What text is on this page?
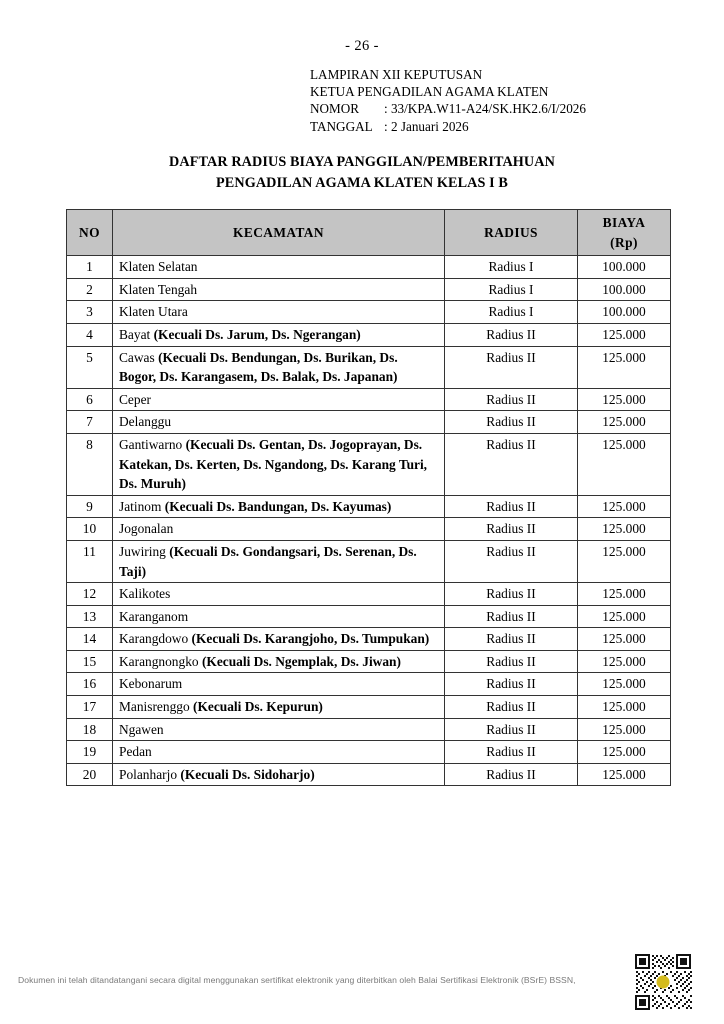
- 26 -
LAMPIRAN XII KEPUTUSAN
KETUA PENGADILAN AGAMA KLATEN
NOMOR : 33/KPA.W11-A24/SK.HK2.6/I/2026
TANGGAL : 2 Januari 2026
DAFTAR RADIUS BIAYA PANGGILAN/PEMBERITAHUAN
PENGADILAN AGAMA KLATEN KELAS I B
NO	KECAMATAN	RADIUS	BIAYA
(Rp)

1	Klaten Selatan	Radius I	100.000
2	Klaten Tengah	Radius I	100.000
3	Klaten Utara	Radius I	100.000
4	Bayat (Kecuali Ds. Jarum, Ds. Ngerangan)	Radius II	125.000
5	Cawas (Kecuali Ds. Bendungan, Ds. Burikan, Ds. Bogor, Ds. Karangasem, Ds. Balak, Ds. Japanan)	Radius II	125.000
6	Ceper	Radius II	125.000
7	Delanggu	Radius II	125.000
8	Gantiwarno (Kecuali Ds. Gentan, Ds. Jogoprayan, Ds. Katekan, Ds. Kerten, Ds. Ngandong, Ds. Karang Turi, Ds. Muruh)	Radius II	125.000
9	Jatinom (Kecuali Ds. Bandungan, Ds. Kayumas)	Radius II	125.000
10	Jogonalan	Radius II	125.000
11	Juwiring (Kecuali Ds. Gondangsari, Ds. Serenan, Ds. Taji)	Radius II	125.000
12	Kalikotes	Radius II	125.000
13	Karanganom	Radius II	125.000
14	Karangdowo (Kecuali Ds. Karangjoho, Ds. Tumpukan)	Radius II	125.000
15	Karangnongko (Kecuali Ds. Ngemplak, Ds. Jiwan)	Radius II	125.000
16	Kebonarum	Radius II	125.000
17	Manisrenggo (Kecuali Ds. Kepurun)	Radius II	125.000
18	Ngawen	Radius II	125.000
19	Pedan	Radius II	125.000
20	Polanharjo (Kecuali Ds. Sidoharjo)	Radius II	125.000
Dokumen ini telah ditandatangani secara digital menggunakan sertifikat elektronik yang diterbitkan oleh Balai Sertifikasi Elektronik (BSrE) BSSN,
